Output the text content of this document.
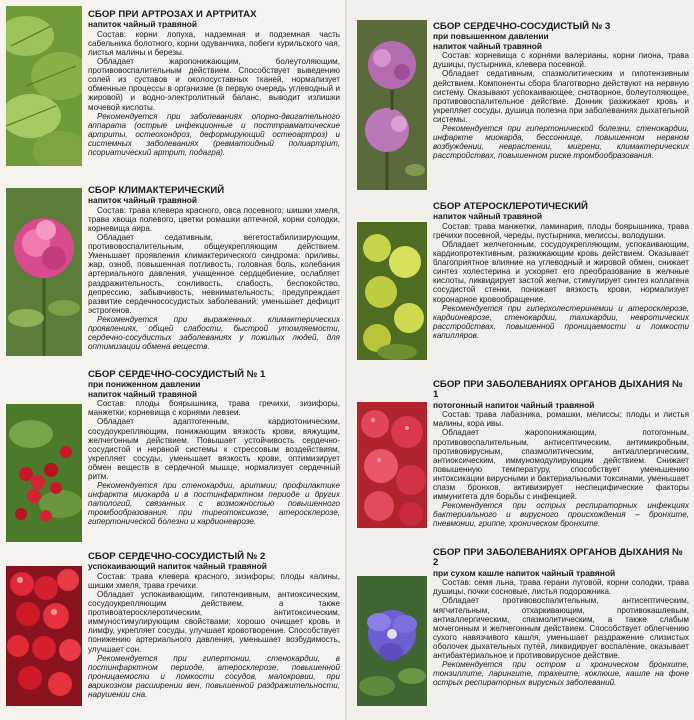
СБОР ПРИ АРТРОЗАХ И АРТРИТАХ
напиток чайный травяной

Состав: корни лопуха, надземная и подземная часть сабельника болотного, корни одуванчика, побеги курильского чая, листья малины и березы.

Обладает жаропонижающим, болеутоляющим, противовоспалительным действием. Способствует выведению солей из суставов и околосуставных тканей, нормализует обменные процессы в организме (в первую очередь углеводный и жировой) и водно-электролитный баланс, выводит излишки мочевой кислоты.

Рекомендуется при заболеваниях опорно-двигательного аппарата (острые инфекционные и посттравматические артриты, остеохондроз, деформирующий остеоартроз) и системных заболеваниях (ревматоидный полиартрит, псориатический артрит, подагра).

СБОР КЛИМАКТЕРИЧЕСКИЙ
напиток чайный травяной

Состав: трава клевера красного, овса посевного; шишки хмеля, трава хвоща полевого, цветки ромашки аптечной, корни солодки, корневища аира.

Обладает седативным, вегетостабилизирующим, противовоспалительным, общеукрепляющим действием. Уменьшает проявления климактерического синдрома: приливы, жар, озноб, повышенная потливость, головная боль, колебания артериального давления, учащенное сердцебиение, ослабляет раздражительность, сонливость, слабость, беспокойство, депрессию, забывчивость, невнимательность; предупреждает развитие сердечнососудистых заболеваний; уменьшает дефицит эстрогенов.

Рекомендуется при выраженных климактерических проявлениях, общей слабости, быстрой утомляемости, сердечно-сосудистых заболеваниях у пожилых людей, для оптимизации обмена веществ.

СБОР СЕРДЕЧНО-СОСУДИСТЫЙ № 1
при пониженном давлении
напиток чайный травяной

Состав: плоды боярышника, трава гречихи, зизифоры, манжетки; корневища с корнями левзеи.

Обладает адаптогенным, кардиотоническим, сосудоукрепляющим, понижающим вязкость крови, вяжущим, желчегонным действием. Повышает устойчивость сердечно-сосудистой и нервной системы к стрессовым воздействиям, укрепляет сосуды, уменьшает вязкость крови, оптимизирует обмен веществ в сердечной мышце, нормализует сердечный ритм.

Рекомендуется при стенокардии, аритмии; профилактике инфаркта миокарда и в постинфарктном периоде и других патологий, связанных с возможностью повышенного тромбообразования, при тиреотоксикозе, атеросклерозе, гипертонической болезни и кардионеврозе.

СБОР СЕРДЕЧНО-СОСУДИСТЫЙ № 2
успокаивающий напиток чайный травяной

Состав: трава клевера красного, зизифоры; плоды калины, шишки хмеля, трава гречихи.

Обладает успокаивающим, гипотензивным, антиоксическим, сосудоукрепляющим действием, а также противоатеросклеротическим, антитоксическим, иммуностимулирующим свойствами; хорошо очищает кровь и лимфу, укрепляет сосуды, улучшает кровотворение. Способствует понижению артериального давления, уменьшает возбудимость, улучшает сон.

Рекомендуется при гипертонии, стенокардии, в постинфарктном периоде, атеросклерозе, повышенной проницаемости и ломкости сосудов, малокровии, при варикозном расширении вен, повышенной раздражительности, нарушении сна.

СБОР СЕРДЕЧНО-СОСУДИСТЫЙ № 3
при повышенном давлении
напиток чайный травяной

Состав: корневища с корнями валерианы, корни пиона, трава душицы, пустырника, клевера посевной.

Обладает седативным, спазмолитическим и гипотензивным действием. Компоненты сбора благотворно действуют на нервную систему. Оказывают успокаивающее, снотворное, болеутоляющее, противовоспалительное действие. Донник разжижает кровь и укрепляет сосуды, душица полезна при заболеваниях дыхательной системы.

Рекомендуется при гипертонической болезни, стенокардии, инфаркте миокарда, бессоннице, повышенном нервном возбуждении, неврастении, мигрени, климактерических расстройствах, повышенном риске тромбообразования.

СБОР АТЕРОСКЛЕРОТИЧЕСКИЙ
напиток чайный травяной

Состав: трава манжетки, ламинария, плоды боярышника, трава гречихи посевной, череды, пустырника, мелиссы, володушки.

Обладает желчегонным, сосудоукрепляющим, успокаивающим, кардиопротективным, разжижающим кровь действием. Оказывает благоприятное влияние на углеводный и жировой обмен, снижает синтез холестерина и ускоряет его преобразование в желчные кислоты, ликвидирует застой желчи, стимулирует синтез коллагена сосудистой стенки, понижает вязкость крови, нормализует коронарное кровообращение.

Рекомендуется при гиперхолестеринемии и атеросклерозе, кардионеврозе, стенокардии, тахикардии, невротических расстройствах, повышенной проницаемости и ломкости капилляров.

СБОР ПРИ ЗАБОЛЕВАНИЯХ ОРГАНОВ ДЫХАНИЯ № 1
потогонный напиток чайный травяной

Состав: трава лабазника, ромашки, мелиссы; плоды и листья малины, кора ивы.

Обладает жаропонижающим, потогонным, противовоспалительным, антисептическим, антимикробным, противовирусным, спазмолитическим, антиаллергическим, антиоксическим, иммуномодулирующим действием. Снижает повышенную температуру, способствует уменьшению интоксикации вирусными и бактериальными токсинами, уменьшает спазм бронхов, активизирует неспецифические факторы иммунитета для борьбы с инфекцией.

Рекомендуется при острых респираторных инфекциях бактериального и вирусного происхождения – бронхите, пневмонии, гриппе, хроническом бронхите.

СБОР ПРИ ЗАБОЛЕВАНИЯХ ОРГАНОВ ДЫХАНИЯ № 2
при сухом кашле напиток чайный травяной

Состав: семя льна, трава герани луговой, корни солодки, трава душицы, почки сосновые, листья подорожника.

Обладает противовоспалительным, антисептическим, мягчительным, отхаркивающим, противокашлевым, антиаллергическим, спазмолитическим, а также слабым мочегонным и желчегонным действием. Способствует облегчению сухого навязчивого кашля, уменьшает раздражение слизистых оболочек дыхательных путей, ликвидирует воспаление, оказывает антибактериальное и противовирусное действие.

Рекомендуется при остром и хроническом бронхите, тонзиллите, ларингите, трахеите, коклюше, кашле на фоне острых респираторных вирусных заболеваний.
